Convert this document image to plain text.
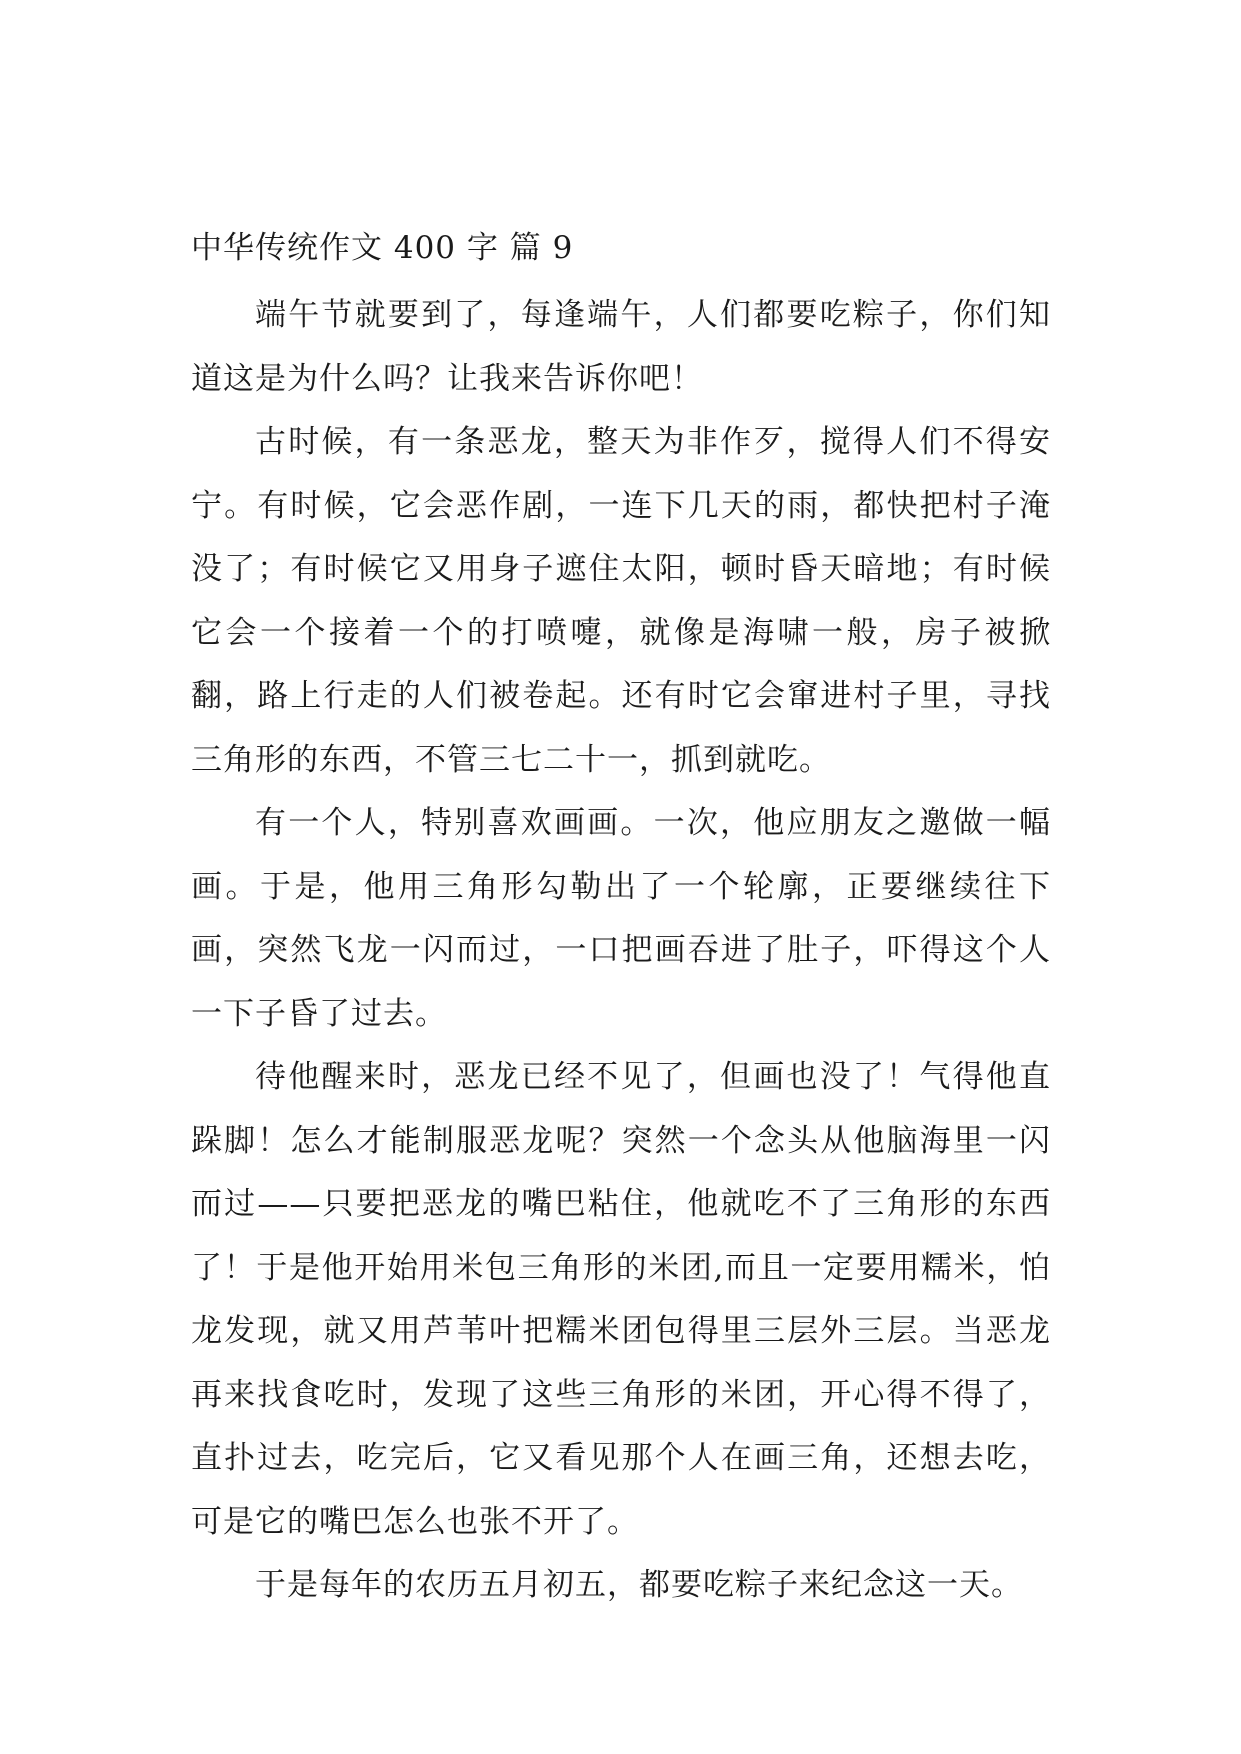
中华传统作文 400 字 篇 9

端午节就要到了，每逢端午，人们都要吃粽子，你们知道这是为什么吗？让我来告诉你吧！

古时候，有一条恶龙，整天为非作歹，搅得人们不得安宁。有时候，它会恶作剧，一连下几天的雨，都快把村子淹没了；有时候它又用身子遮住太阳，顿时昏天暗地；有时候它会一个接着一个的打喷嚏，就像是海啸一般，房子被掀翻，路上行走的人们被卷起。还有时它会窜进村子里，寻找三角形的东西，不管三七二十一，抓到就吃。

有一个人，特别喜欢画画。一次，他应朋友之邀做一幅画。于是，他用三角形勾勒出了一个轮廓，正要继续往下画，突然飞龙一闪而过，一口把画吞进了肚子，吓得这个人一下子昏了过去。

待他醒来时，恶龙已经不见了，但画也没了！气得他直跺脚！怎么才能制服恶龙呢？突然一个念头从他脑海里一闪而过——只要把恶龙的嘴巴粘住，他就吃不了三角形的东西了！于是他开始用米包三角形的米团,而且一定要用糯米，怕龙发现，就又用芦苇叶把糯米团包得里三层外三层。当恶龙再来找食吃时，发现了这些三角形的米团，开心得不得了，直扑过去，吃完后，它又看见那个人在画三角，还想去吃，可是它的嘴巴怎么也张不开了。

于是每年的农历五月初五，都要吃粽子来纪念这一天。
